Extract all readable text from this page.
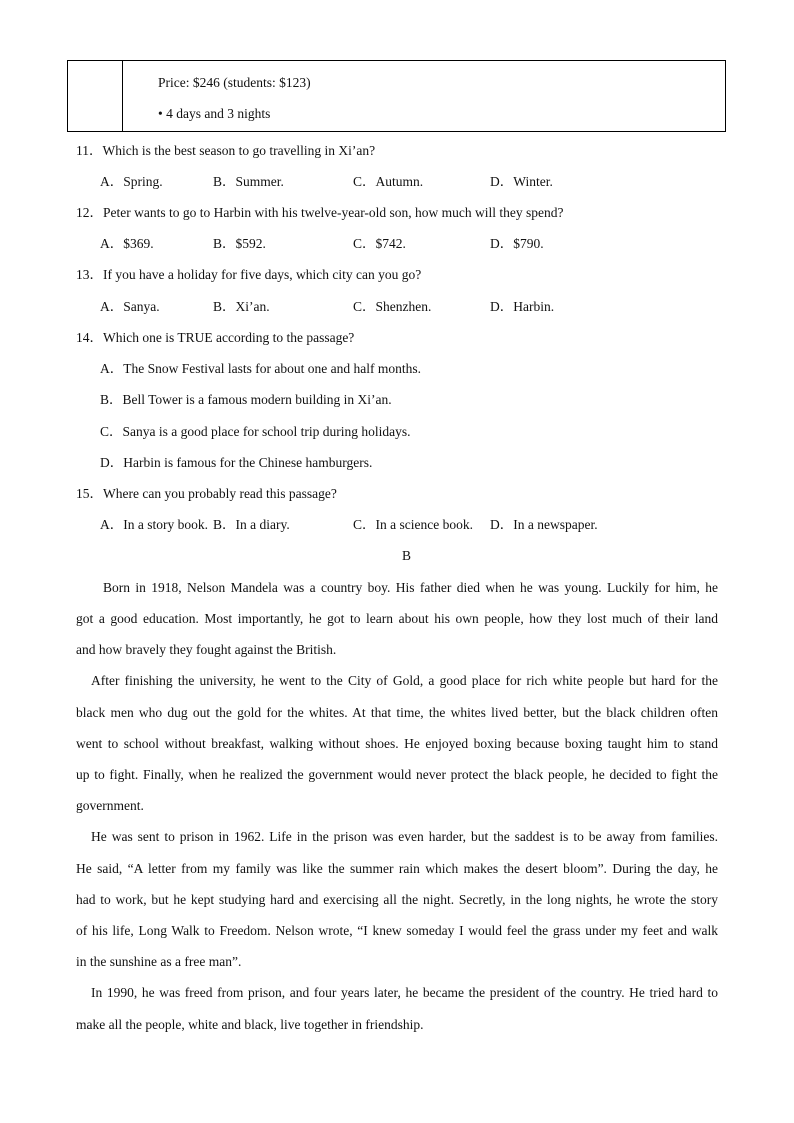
Price: $246 (students: $123)
• 4 days and 3 nights
11．Which is the best season to go travelling in Xi’an?
A．Spring.	B．Summer.	C．Autumn.	D．Winter.
12．Peter wants to go to Harbin with his twelve-year-old son, how much will they spend?
A．$369.	B．$592.	C．$742.	D．$790.
13．If you have a holiday for five days, which city can you go?
A．Sanya.	B．Xi’an.	C．Shenzhen.	D．Harbin.
14．Which one is TRUE according to the passage?
A．The Snow Festival lasts for about one and half months.
B．Bell Tower is a famous modern building in Xi’an.
C．Sanya is a good place for school trip during holidays.
D．Harbin is famous for the Chinese hamburgers.
15．Where can you probably read this passage?
A．In a story book. B．In a diary.	C．In a science book. D．In a newspaper.
B
Born in 1918, Nelson Mandela was a country boy. His father died when he was young. Luckily for him, he
got a good education. Most importantly, he got to learn about his own people, how they lost much of their land
and how bravely they fought against the British.
After finishing the university, he went to the City of Gold, a good place for rich white people but hard for the
black men who dug out the gold for the whites. At that time, the whites lived better, but the black children often
went to school without breakfast, walking without shoes. He enjoyed boxing because boxing taught him to stand
up to fight. Finally, when he realized the government would never protect the black people, he decided to fight the
government.
He was sent to prison in 1962. Life in the prison was even harder, but the saddest is to be away from families.
He said, “A letter from my family was like the summer rain which makes the desert bloom”. During the day, he
had to work, but he kept studying hard and exercising all the night. Secretly, in the long nights, he wrote the story
of his life, Long Walk to Freedom. Nelson wrote, “I knew someday I would feel the grass under my feet and walk
in the sunshine as a free man”.
In 1990, he was freed from prison, and four years later, he became the president of the country. He tried hard to
make all the people, white and black, live together in friendship.
